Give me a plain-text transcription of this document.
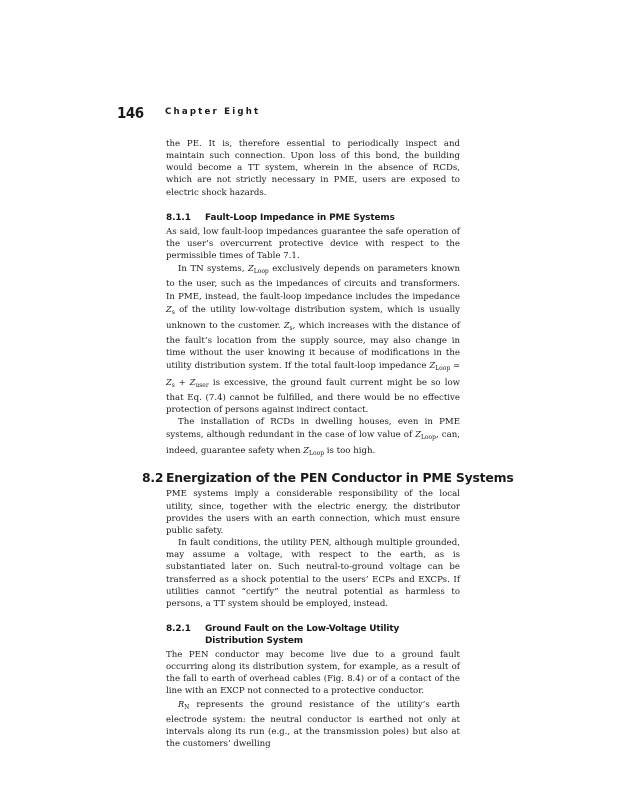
146 Chapter Eight

the PE. It is, therefore essential to periodically inspect and maintain such connection. Upon loss of this bond, the building would become a TT system, wherein in the absence of RCDs, which are not strictly necessary in PME, users are exposed to electric shock hazards.

8.1.1 Fault-Loop Impedance in PME Systems

As said, low fault-loop impedances guarantee the safe operation of the user’s overcurrent protective device with respect to the permissible times of Table 7.1.

In TN systems, $Z_{Loop}$ exclusively depends on parameters known to the user, such as the impedances of circuits and transformers. In PME, instead, the fault-loop impedance includes the impedance $Z_s$ of the utility low-voltage distribution system, which is usually unknown to the customer. $Z_s$, which increases with the distance of the fault’s location from the supply source, may also change in time without the user knowing it because of modifications in the utility distribution system. If the total fault-loop impedance $Z_{Loop} = Z_s + Z_{user}$ is excessive, the ground fault current might be so low that Eq. (7.4) cannot be fulfilled, and there would be no effective protection of persons against indirect contact.

The installation of RCDs in dwelling houses, even in PME systems, although redundant in the case of low value of $Z_{Loop}$, can, indeed, guarantee safety when $Z_{Loop}$ is too high.

8.2 Energization of the PEN Conductor in PME Systems

PME systems imply a considerable responsibility of the local utility, since, together with the electric energy, the distributor provides the users with an earth connection, which must ensure public safety.

In fault conditions, the utility PEN, although multiple grounded, may assume a voltage, with respect to the earth, as is substantiated later on. Such neutral-to-ground voltage can be transferred as a shock potential to the users’ ECPs and EXCPs. If utilities cannot “certify” the neutral potential as harmless to persons, a TT system should be employed, instead.

8.2.1 Ground Fault on the Low-Voltage Utility Distribution System

The PEN conductor may become live due to a ground fault occurring along its distribution system, for example, as a result of the fall to earth of overhead cables (Fig. 8.4) or of a contact of the line with an EXCP not connected to a protective conductor.

$R_N$ represents the ground resistance of the utility’s earth electrode system: the neutral conductor is earthed not only at intervals along its run (e.g., at the transmission poles) but also at the customers’ dwelling
